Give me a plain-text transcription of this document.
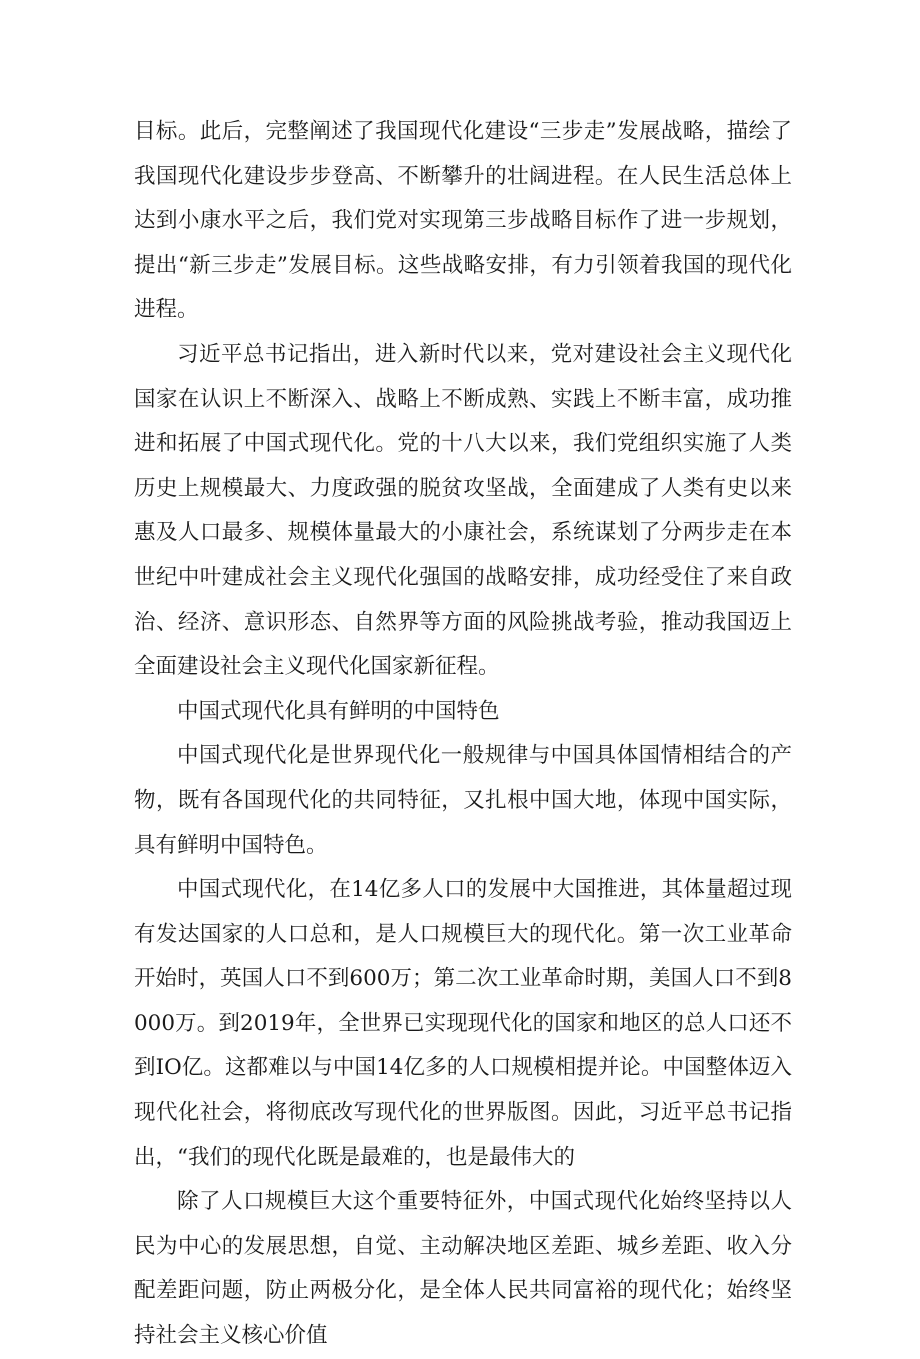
目标。此后，完整阐述了我国现代化建设“三步走”发展战略，描绘了我国现代化建设步步登高、不断攀升的壮阔进程。在人民生活总体上达到小康水平之后，我们党对实现第三步战略目标作了进一步规划，提出“新三步走”发展目标。这些战略安排，有力引领着我国的现代化进程。

习近平总书记指出，进入新时代以来，党对建设社会主义现代化国家在认识上不断深入、战略上不断成熟、实践上不断丰富，成功推进和拓展了中国式现代化。党的十八大以来，我们党组织实施了人类历史上规模最大、力度政强的脱贫攻坚战，全面建成了人类有史以来惠及人口最多、规模体量最大的小康社会，系统谋划了分两步走在本世纪中叶建成社会主义现代化强国的战略安排，成功经受住了来自政治、经济、意识形态、自然界等方面的风险挑战考验，推动我国迈上全面建设社会主义现代化国家新征程。

中国式现代化具有鲜明的中国特色

中国式现代化是世界现代化一般规律与中国具体国情相结合的产物，既有各国现代化的共同特征，又扎根中国大地，体现中国实际，具有鲜明中国特色。

中国式现代化，在14亿多人口的发展中大国推进，其体量超过现有发达国家的人口总和，是人口规模巨大的现代化。第一次工业革命开始时，英国人口不到600万；第二次工业革命时期，美国人口不到8000万。到2019年，全世界已实现现代化的国家和地区的总人口还不到IO亿。这都难以与中国14亿多的人口规模相提并论。中国整体迈入现代化社会，将彻底改写现代化的世界版图。因此，习近平总书记指出，“我们的现代化既是最难的，也是最伟大的

除了人口规模巨大这个重要特征外，中国式现代化始终坚持以人民为中心的发展思想，自觉、主动解决地区差距、城乡差距、收入分配差距问题，防止两极分化，是全体人民共同富裕的现代化；始终坚持社会主义核心价值
